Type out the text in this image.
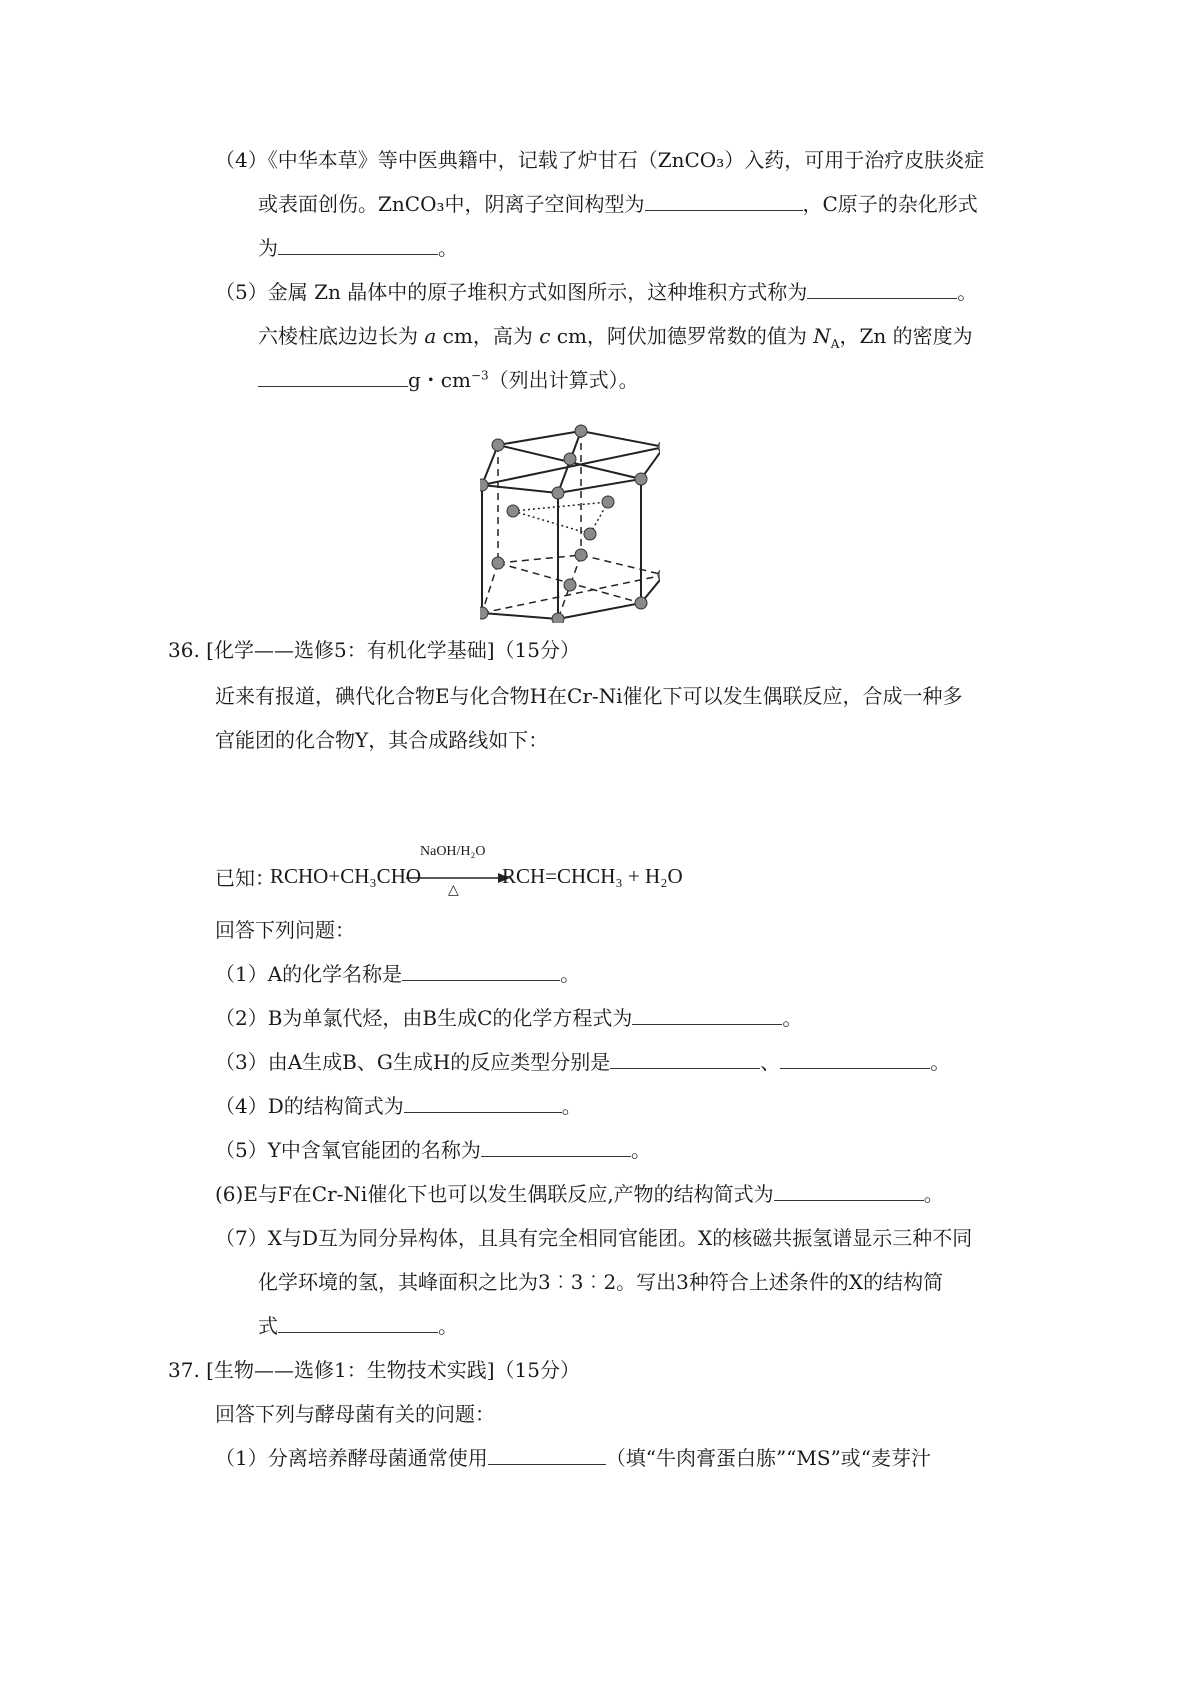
（4）《中华本草》等中医典籍中，记载了炉甘石（ZnCO₃）入药，可用于治疗皮肤炎症
或表面创伤。ZnCO₃中，阴离子空间构型为	，C原子的杂化形式
为	。
（5）金属 Zn 晶体中的原子堆积方式如图所示，这种堆积方式称为	。
六棱柱底边边长为 a cm，高为 c cm，阿伏加德罗常数的值为 $N_A$，Zn 的密度为
g・$cm^{-3}$（列出计算式）。
36. [化学——选修5：有机化学基础]（15分）
近来有报道，碘代化合物E与化合物H在Cr-Ni催化下可以发生偶联反应，合成一种多
官能团的化合物Y，其合成路线如下：
已知：
RCHO+CH₃CHO
NaOH/H₂O
△
RCH=CHCH₃ + H₂O
回答下列问题：
（1）A的化学名称是	。
（2）B为单氯代烃，由B生成C的化学方程式为	。
（3）由A生成B、G生成H的反应类型分别是	、	。
（4）D的结构简式为	。
（5）Y中含氧官能团的名称为	。
(6)E与F在Cr-Ni催化下也可以发生偶联反应,产物的结构简式为	。
（7）X与D互为同分异构体，且具有完全相同官能团。X的核磁共振氢谱显示三种不同
化学环境的氢，其峰面积之比为3︰3︰2。写出3种符合上述条件的X的结构简
式	。
37. [生物——选修1：生物技术实践]（15分）
回答下列与酵母菌有关的问题：
（1）分离培养酵母菌通常使用	（填“牛肉膏蛋白胨”“MS”或“麦芽汁
